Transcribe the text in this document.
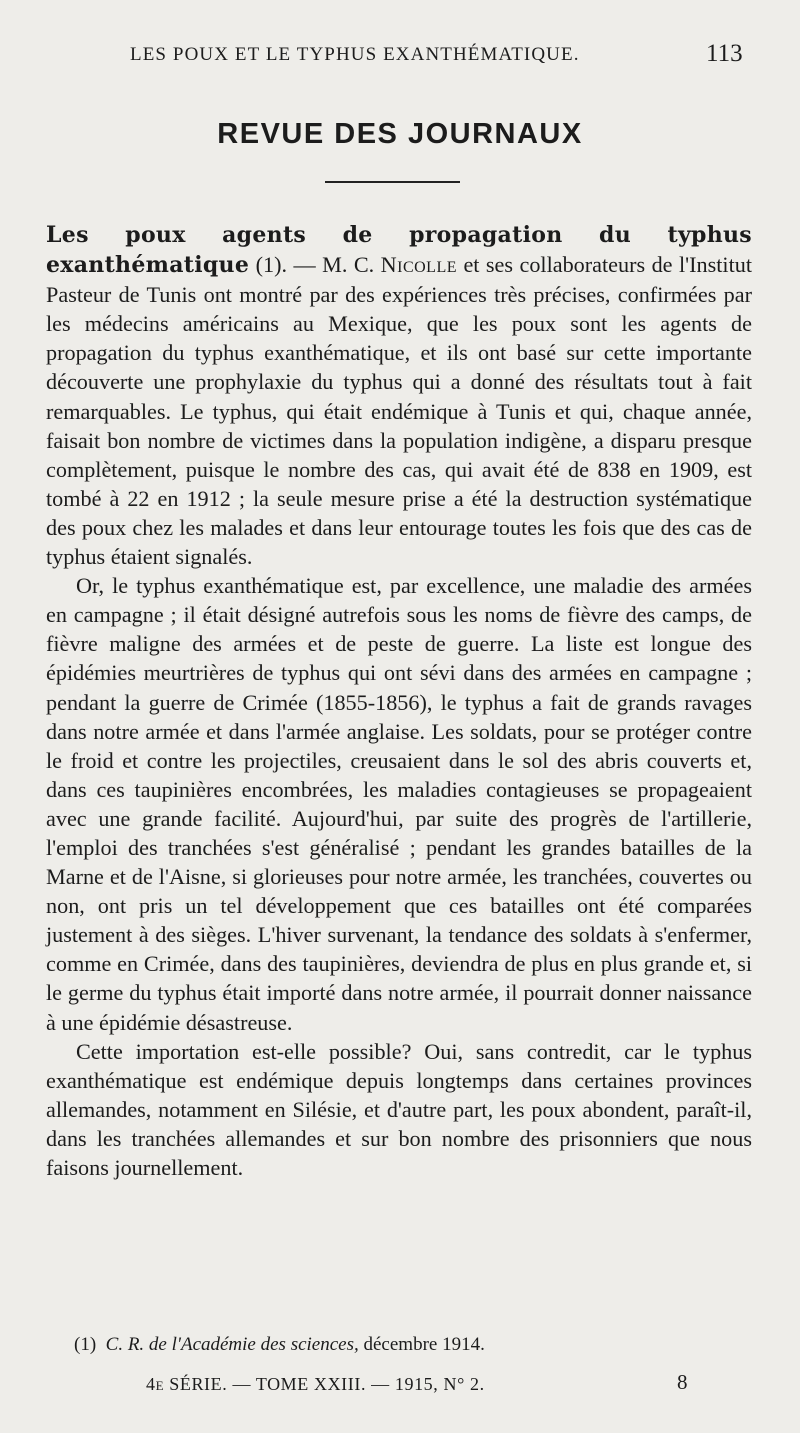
LES POUX ET LE TYPHUS EXANTHÉMATIQUE.	113
REVUE DES JOURNAUX

Les poux agents de propagation du typhus exanthématique (1). — M. C. Nicolle et ses collaborateurs de l'Institut Pasteur de Tunis ont montré par des expériences très précises, confirmées par les médecins américains au Mexique, que les poux sont les agents de propagation du typhus exanthématique, et ils ont basé sur cette importante découverte une prophylaxie du typhus qui a donné des résultats tout à fait remarquables. Le typhus, qui était endémique à Tunis et qui, chaque année, faisait bon nombre de victimes dans la population indigène, a disparu presque complètement, puisque le nombre des cas, qui avait été de 838 en 1909, est tombé à 22 en 1912 ; la seule mesure prise a été la destruction systématique des poux chez les malades et dans leur entourage toutes les fois que des cas de typhus étaient signalés.

Or, le typhus exanthématique est, par excellence, une maladie des armées en campagne ; il était désigné autrefois sous les noms de fièvre des camps, de fièvre maligne des armées et de peste de guerre. La liste est longue des épidémies meurtrières de typhus qui ont sévi dans des armées en campagne ; pendant la guerre de Crimée (1855-1856), le typhus a fait de grands ravages dans notre armée et dans l'armée anglaise. Les soldats, pour se protéger contre le froid et contre les projectiles, creusaient dans le sol des abris couverts et, dans ces taupinières encombrées, les maladies contagieuses se propageaient avec une grande facilité. Aujourd'hui, par suite des progrès de l'artillerie, l'emploi des tranchées s'est généralisé ; pendant les grandes batailles de la Marne et de l'Aisne, si glorieuses pour notre armée, les tranchées, couvertes ou non, ont pris un tel développement que ces batailles ont été comparées justement à des sièges. L'hiver survenant, la tendance des soldats à s'enfermer, comme en Crimée, dans des taupinières, deviendra de plus en plus grande et, si le germe du typhus était importé dans notre armée, il pourrait donner naissance à une épidémie désastreuse.

Cette importation est-elle possible? Oui, sans contredit, car le typhus exanthématique est endémique depuis longtemps dans certaines provinces allemandes, notamment en Silésie, et d'autre part, les poux abondent, paraît-il, dans les tranchées allemandes et sur bon nombre des prisonniers que nous faisons journellement.

(1) C. R. de l'Académie des sciences, décembre 1914.
4e SÉRIE. — TOME XXIII. — 1915, N° 2.	8
